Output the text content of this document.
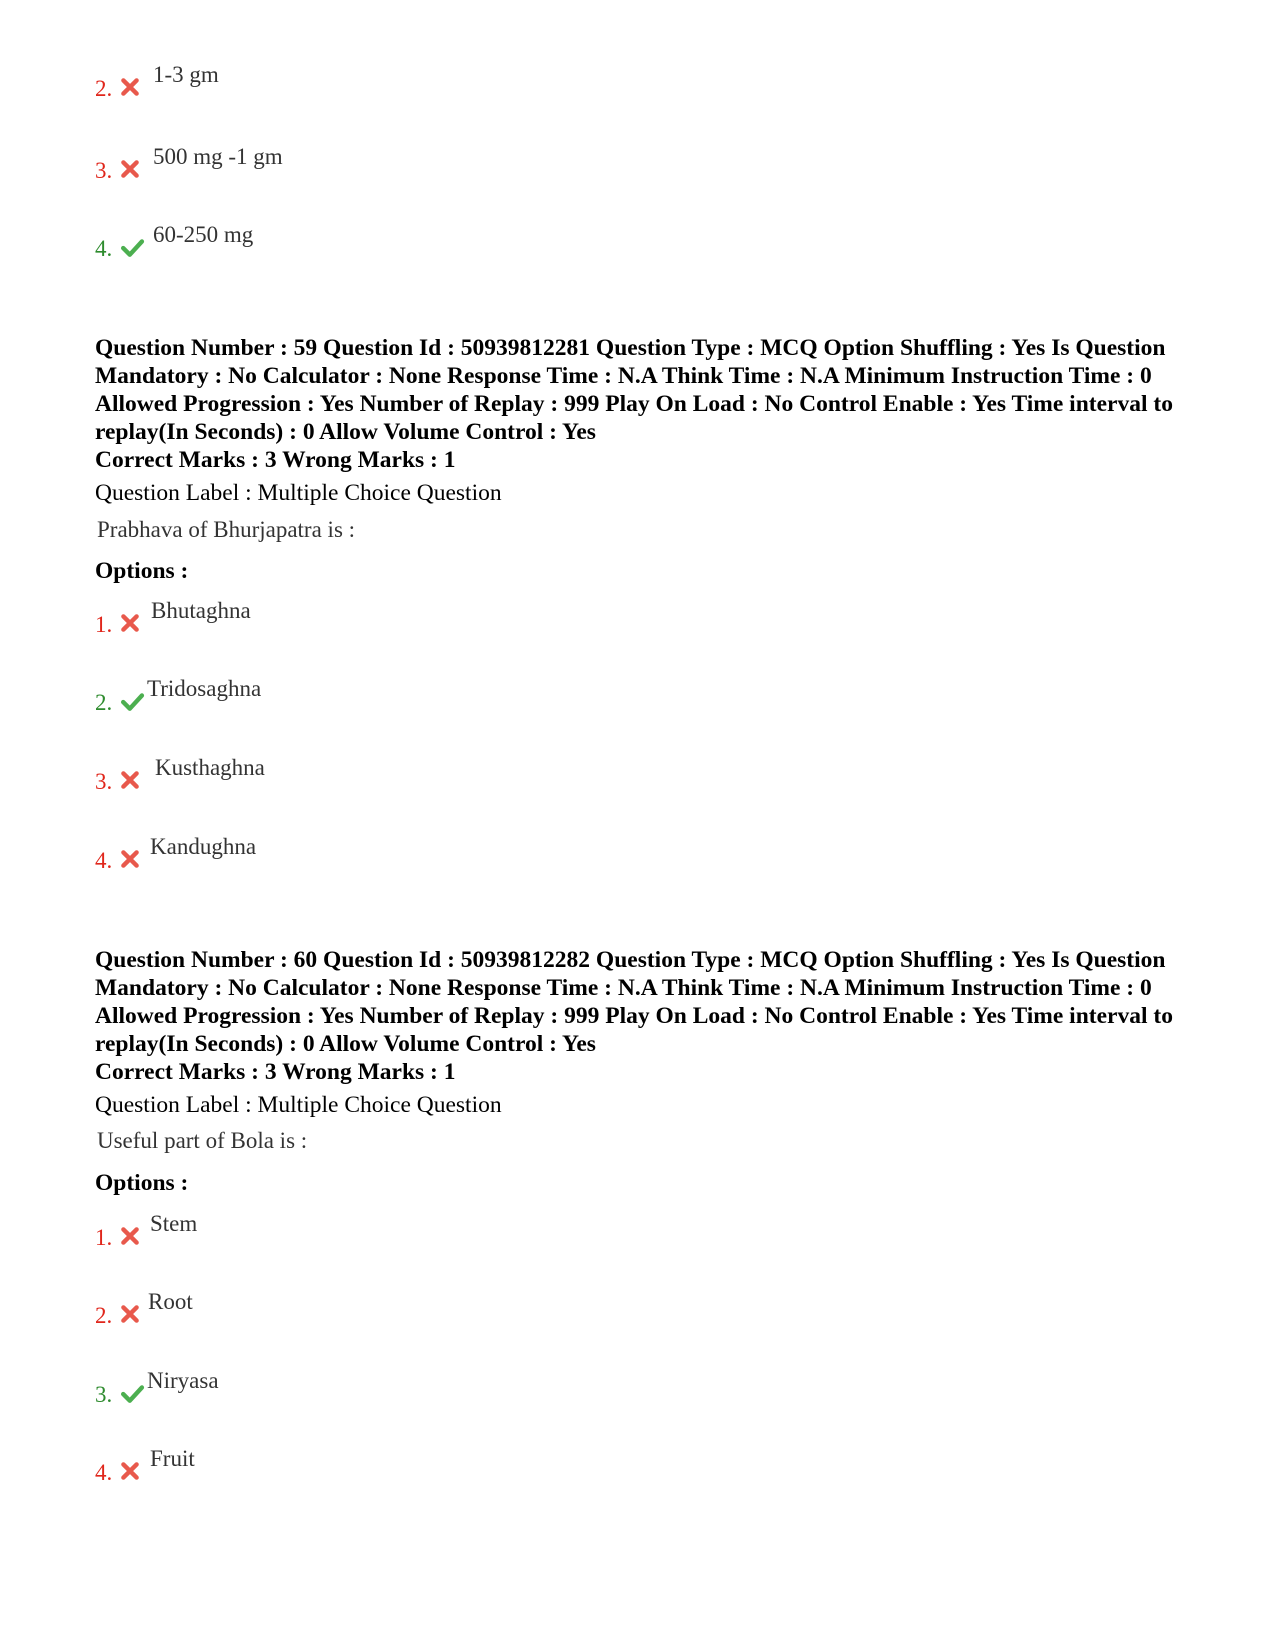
2.
1-3 gm
3.
500 mg -1 gm
4.
60-250 mg
Question Number : 59 Question Id : 50939812281 Question Type : MCQ Option Shuffling : Yes Is Question Mandatory : No Calculator : None Response Time : N.A Think Time : N.A Minimum Instruction Time : 0 Allowed Progression : Yes Number of Replay : 999 Play On Load : No Control Enable : Yes Time interval to replay(In Seconds) : 0 Allow Volume Control : Yes
Correct Marks : 3 Wrong Marks : 1
Question Label : Multiple Choice Question
Prabhava of Bhurjapatra is :
Options :
1.
Bhutaghna
2.
Tridosaghna
3.
Kusthaghna
4.
Kandughna
Question Number : 60 Question Id : 50939812282 Question Type : MCQ Option Shuffling : Yes Is Question Mandatory : No Calculator : None Response Time : N.A Think Time : N.A Minimum Instruction Time : 0 Allowed Progression : Yes Number of Replay : 999 Play On Load : No Control Enable : Yes Time interval to replay(In Seconds) : 0 Allow Volume Control : Yes
Correct Marks : 3 Wrong Marks : 1
Question Label : Multiple Choice Question
Useful part of Bola is :
Options :
1.
Stem
2.
Root
3.
Niryasa
4.
Fruit
